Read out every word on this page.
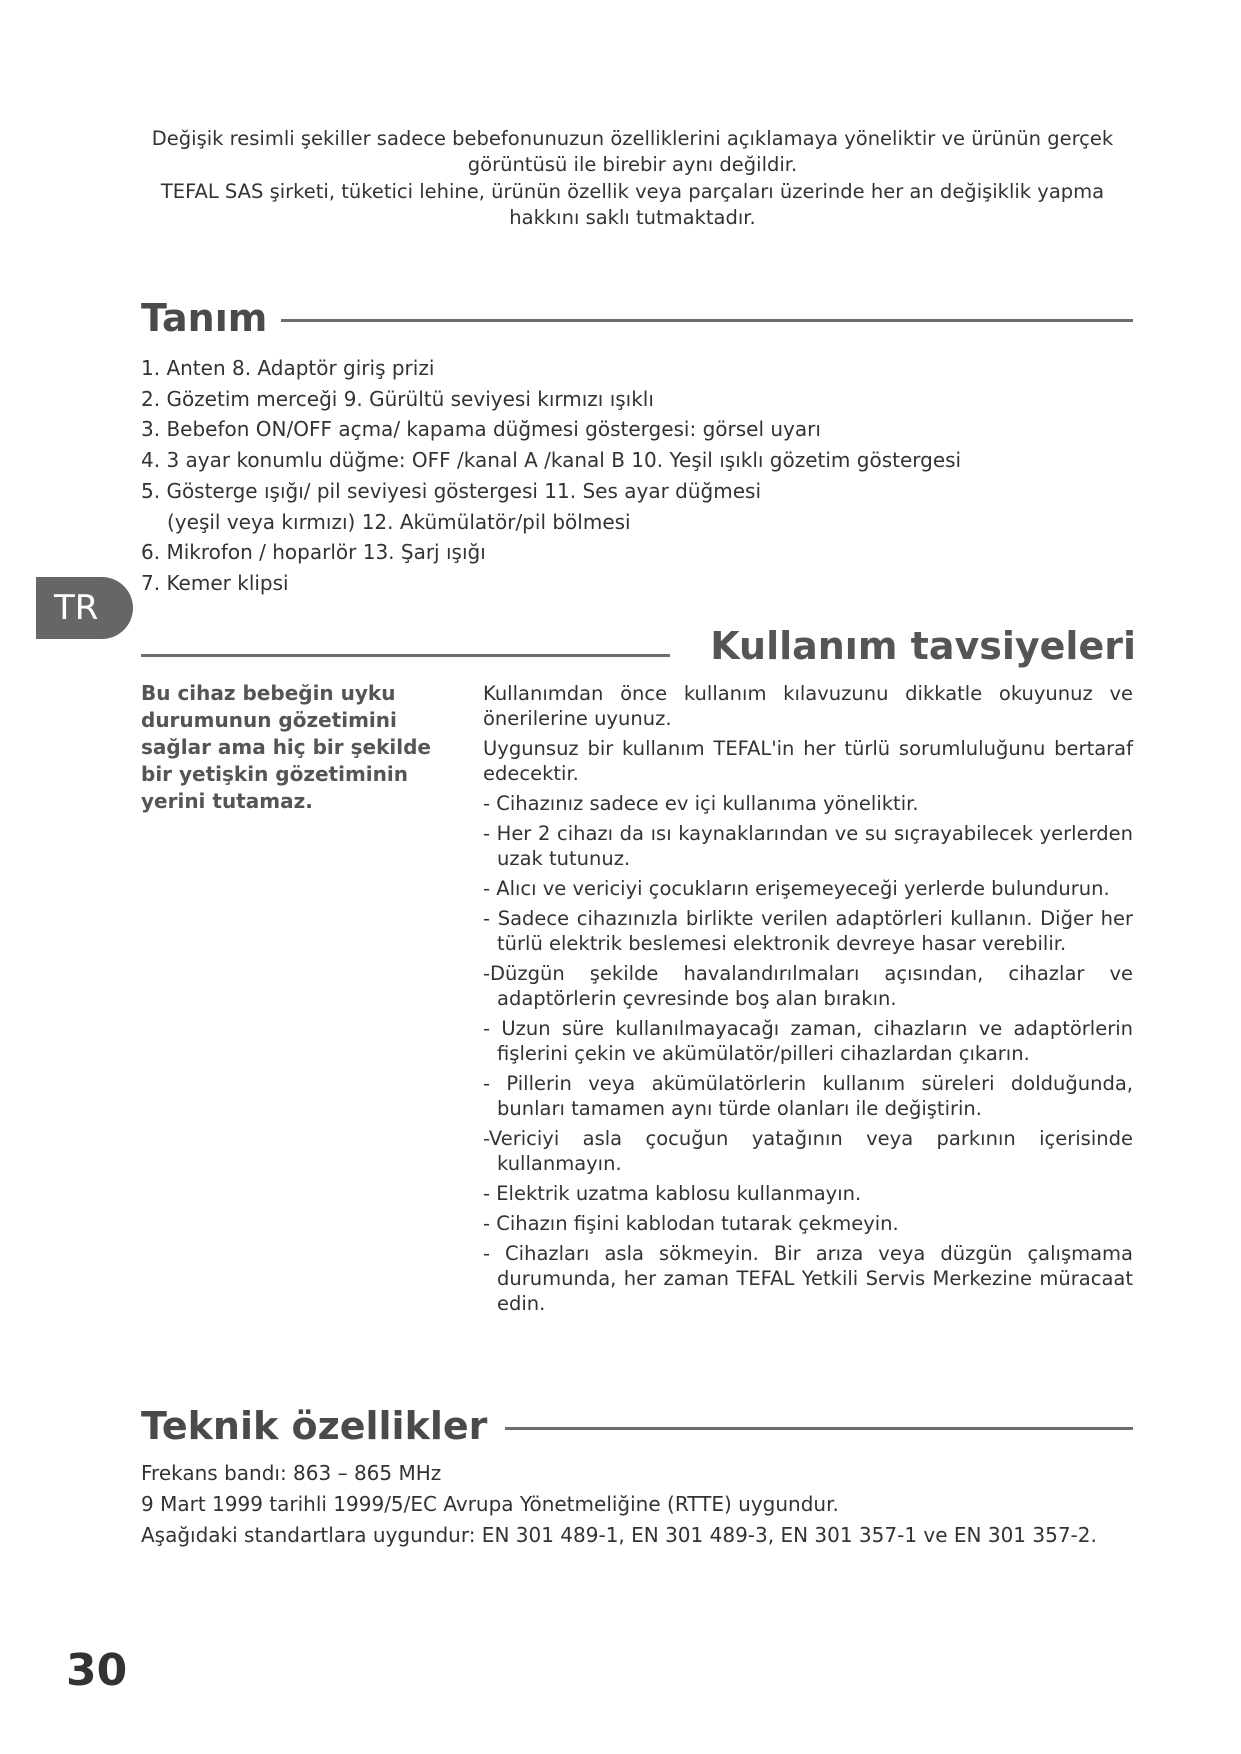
Değişik resimli şekiller sadece bebefonunuzun özelliklerini açıklamaya yöneliktir ve ürünün gerçek görüntüsü ile birebir aynı değildir.

TEFAL SAS şirketi, tüketici lehine, ürünün özellik veya parçaları üzerinde her an değişiklik yapma hakkını saklı tutmaktadır.

Tanım
1. Anten 8. Adaptör giriş prizi
2. Gözetim merceği 9. Gürültü seviyesi kırmızı ışıklı
3. Bebefon ON/OFF açma/ kapama düğmesi göstergesi: görsel uyarı
4. 3 ayar konumlu düğme: OFF /kanal A /kanal B 10. Yeşil ışıklı gözetim göstergesi
5. Gösterge ışığı/ pil seviyesi göstergesi 11. Ses ayar düğmesi
(yeşil veya kırmızı) 12. Akümülatör/pil bölmesi
6. Mikrofon / hoparlör 13. Şarj ışığı
7. Kemer klipsi
TR
Kullanım tavsiyeleri
Bu cihaz bebeğin uyku durumunun gözetimini sağlar ama hiç bir şekilde bir yetişkin gözetiminin yerini tutamaz.

Kullanımdan önce kullanım kılavuzunu dikkatle okuyunuz ve önerilerine uyunuz.

Uygunsuz bir kullanım TEFAL'in her türlü sorumluluğunu bertaraf edecektir.

- Cihazınız sadece ev içi kullanıma yöneliktir.

- Her 2 cihazı da ısı kaynaklarından ve su sıçrayabilecek yerlerden uzak tutunuz.

- Alıcı ve vericiyi çocukların erişemeyeceği yerlerde bulundurun.

- Sadece cihazınızla birlikte verilen adaptörleri kullanın. Diğer her türlü elektrik beslemesi elektronik devreye hasar verebilir.

-Düzgün şekilde havalandırılmaları açısından, cihazlar ve adaptörlerin çevresinde boş alan bırakın.

- Uzun süre kullanılmayacağı zaman, cihazların ve adaptörlerin fişlerini çekin ve akümülatör/pilleri cihazlardan çıkarın.

- Pillerin veya akümülatörlerin kullanım süreleri dolduğunda, bunları tamamen aynı türde olanları ile değiştirin.

-Vericiyi asla çocuğun yatağının veya parkının içerisinde kullanmayın.

- Elektrik uzatma kablosu kullanmayın.

- Cihazın fişini kablodan tutarak çekmeyin.

- Cihazları asla sökmeyin. Bir arıza veya düzgün çalışmama durumunda, her zaman TEFAL Yetkili Servis Merkezine müracaat edin.

Teknik özellikler

Frekans bandı: 863 – 865 MHz

9 Mart 1999 tarihli 1999/5/EC Avrupa Yönetmeliğine (RTTE) uygundur.

Aşağıdaki standartlara uygundur: EN 301 489-1, EN 301 489-3, EN 301 357-1 ve EN 301 357-2.

30
